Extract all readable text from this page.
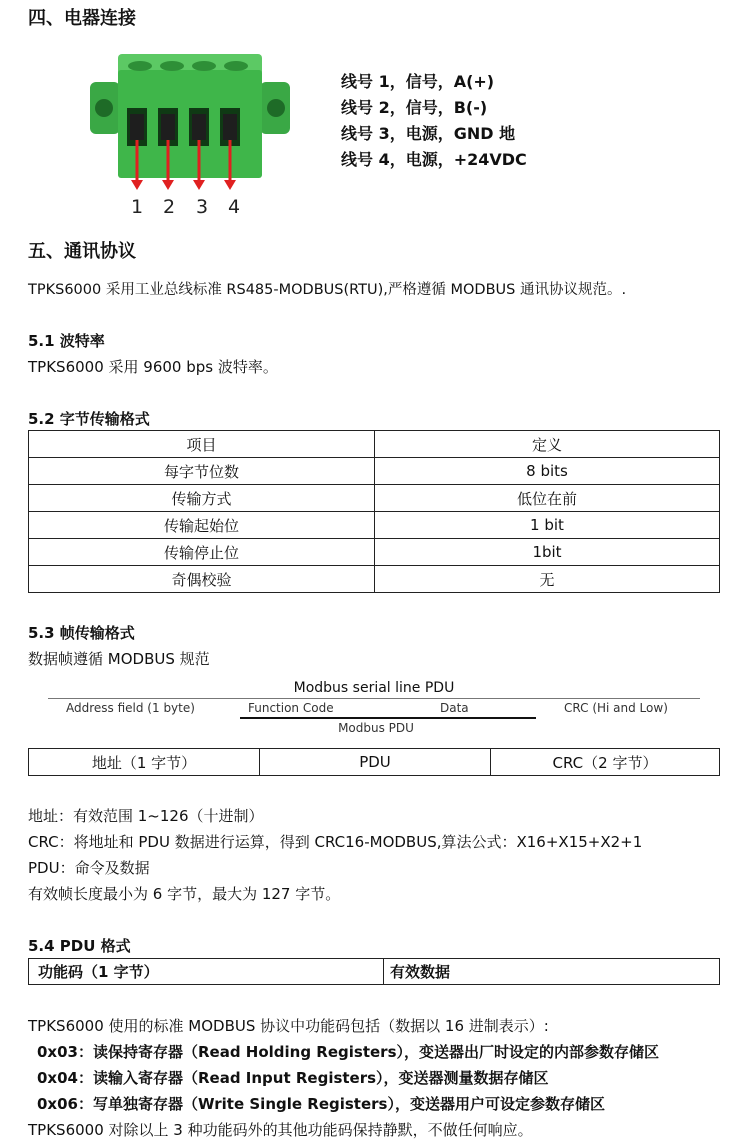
四、电器连接
1 2 3 4
线号 1，信号，A(+)
线号 2，信号，B(-)
线号 3，电源，GND 地
线号 4，电源，+24VDC
五、通讯协议
TPKS6000 采用工业总线标准 RS485-MODBUS(RTU),严格遵循 MODBUS 通讯协议规范。.
5.1 波特率
TPKS6000 采用 9600 bps 波特率。
5.2 字节传输格式
项目	定义
每字节位数	8 bits
传输方式	低位在前
传输起始位	1 bit
传输停止位	1bit
奇偶校验	无
5.3 帧传输格式
数据帧遵循 MODBUS 规范
Modbus serial line PDU
Address field (1 byte)	Function Code	Data	CRC (Hi and Low)
Modbus PDU
地址（1 字节）	PDU	CRC（2 字节）
地址：有效范围 1~126（十进制）
CRC：将地址和 PDU 数据进行运算，得到 CRC16-MODBUS,算法公式：X16+X15+X2+1
PDU：命令及数据
有效帧长度最小为 6 字节，最大为 127 字节。
5.4 PDU 格式
功能码（1 字节）	有效数据
TPKS6000 使用的标准 MODBUS 协议中功能码包括（数据以 16 进制表示）:
0x03：读保持寄存器（Read Holding Registers），变送器出厂时设定的内部参数存储区
0x04：读输入寄存器（Read Input Registers），变送器测量数据存储区
0x06：写单独寄存器（Write Single Registers），变送器用户可设定参数存储区
TPKS6000 对除以上 3 种功能码外的其他功能码保持静默，不做任何响应。
